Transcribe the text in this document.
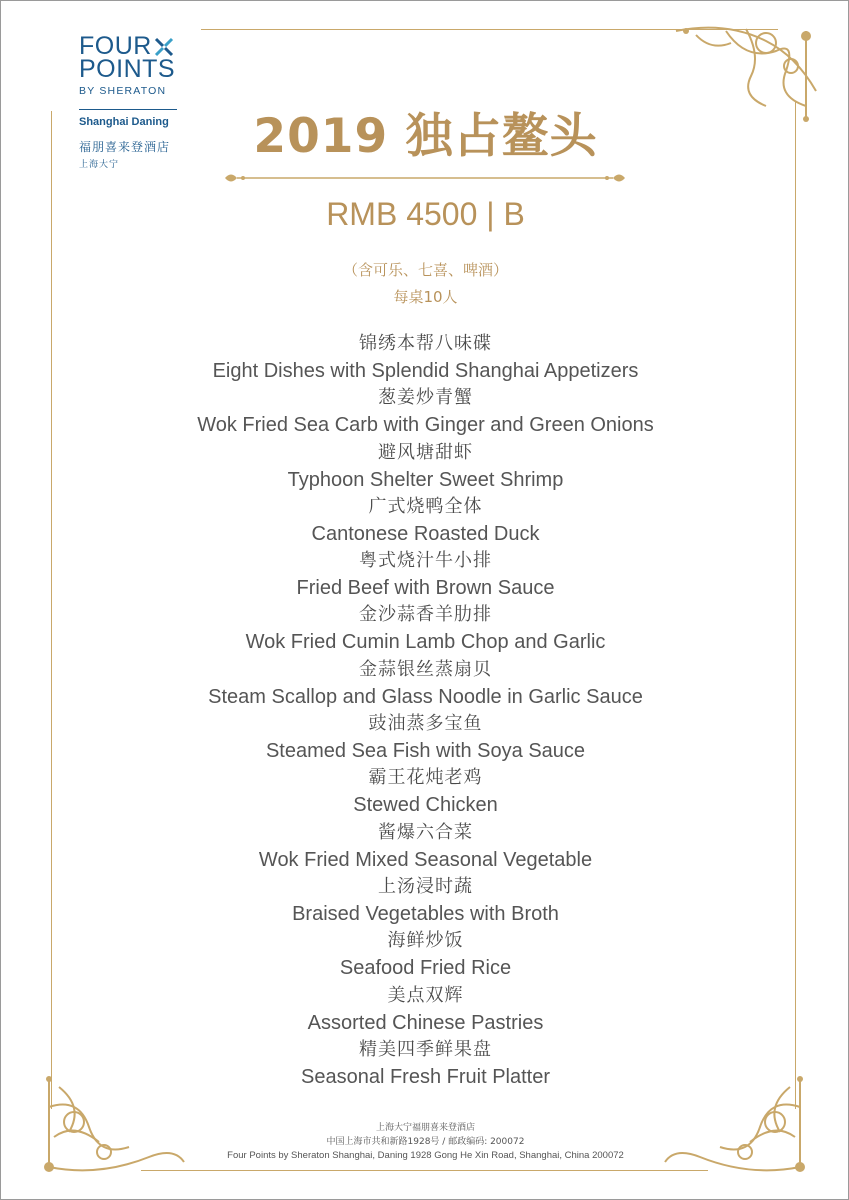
FOUR
POINTS
BY SHERATON
Shanghai Daning
福朋喜来登酒店
上海大宁
2019 独占鳌头
RMB 4500 | B
（含可乐、七喜、啤酒）
每桌10人
锦绣本帮八味碟
Eight Dishes with Splendid Shanghai Appetizers
葱姜炒青蟹
Wok Fried Sea Carb with Ginger and Green Onions
避风塘甜虾
Typhoon Shelter Sweet Shrimp
广式烧鸭全体
Cantonese Roasted Duck
粤式烧汁牛小排
Fried Beef with Brown Sauce
金沙蒜香羊肋排
Wok Fried Cumin Lamb Chop and Garlic
金蒜银丝蒸扇贝
Steam Scallop and Glass Noodle in Garlic Sauce
豉油蒸多宝鱼
Steamed Sea Fish with Soya Sauce
霸王花炖老鸡
Stewed Chicken
酱爆六合菜
Wok Fried Mixed Seasonal Vegetable
上汤浸时蔬
Braised Vegetables with Broth
海鲜炒饭
Seafood Fried Rice
美点双辉
Assorted Chinese Pastries
精美四季鲜果盘
Seasonal Fresh Fruit Platter
上海大宁福朋喜来登酒店
中国上海市共和新路1928号 / 邮政编码: 200072
Four Points by Sheraton Shanghai, Daning 1928 Gong He Xin Road, Shanghai, China 200072
